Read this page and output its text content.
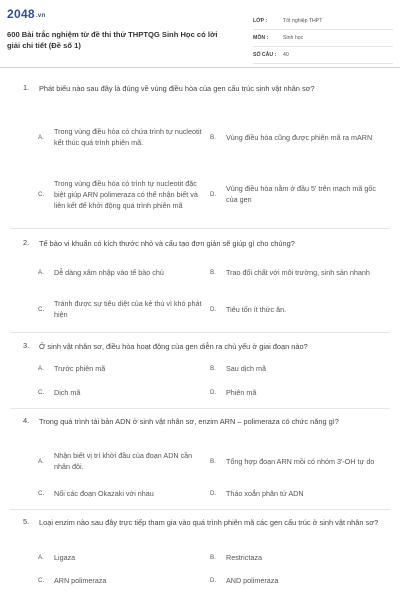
2048.vn
600 Bài trắc nghiệm từ đề thi thử THPTQG Sinh Học có lời giải chi tiết (Đề số 1)
LỚP :	Tốt nghiệp THPT
MÔN :	Sinh học
SỐ CÂU :	40
1. Phát biểu nào sau đây là đúng về vùng điều hòa của gen cấu trúc sinh vật nhân sơ?
A.
Trong vùng điều hòa có chứa trình tự nucleotit kết thúc quá trình phiên mã.
B.	Vùng điều hòa cũng được phiên mã ra mARN
C.
Trong vùng điều hòa có trình tự nucleotit đặc biệt giúp ARN polimeraza có thể nhận biết và liên kết để khởi động quá trình phiên mã
D.
Vùng điều hòa nằm ở đầu 5' trên mạch mã gốc của gen
2. Tế bào vi khuẩn có kích thước nhỏ và cấu tạo đơn giản sẽ giúp gì cho chúng?
A.	Dễ dàng xâm nhập vào tế bào chủ	B.	Trao đổi chất với môi trường, sinh sản nhanh
C.
Tránh được sự tiêu diệt của kẻ thù vì khó phát hiện
D.	Tiêu tốn ít thức ăn.
3. Ở sinh vật nhân sơ, điều hòa hoạt động của gen diễn ra chủ yếu ở giai đoạn nào?
A.	Trước phiên mã	B.	Sau dịch mã
C.	Dịch mã	D.	Phiên mã
4. Trong quá trình tái bản ADN ở sinh vật nhân sơ, enzim ARN – polimeraza có chức năng gì?
A.
Nhận biết vị trí khởi đầu của đoạn ADN cần nhân đôi.
B.	Tổng hợp đoạn ARN mồi có nhóm 3'-OH tự do
C.	Nối các đoạn Okazaki với nhau	D.	Tháo xoắn phân tử ADN
5. Loại enzim nào sau đây trực tiếp tham gia vào quá trình phiên mã các gen cấu trúc ở sinh vật nhân sơ?
A.	Ligaza	B.	Restrictaza
C.	ARN polimeraza	D.	AND polimeraza
